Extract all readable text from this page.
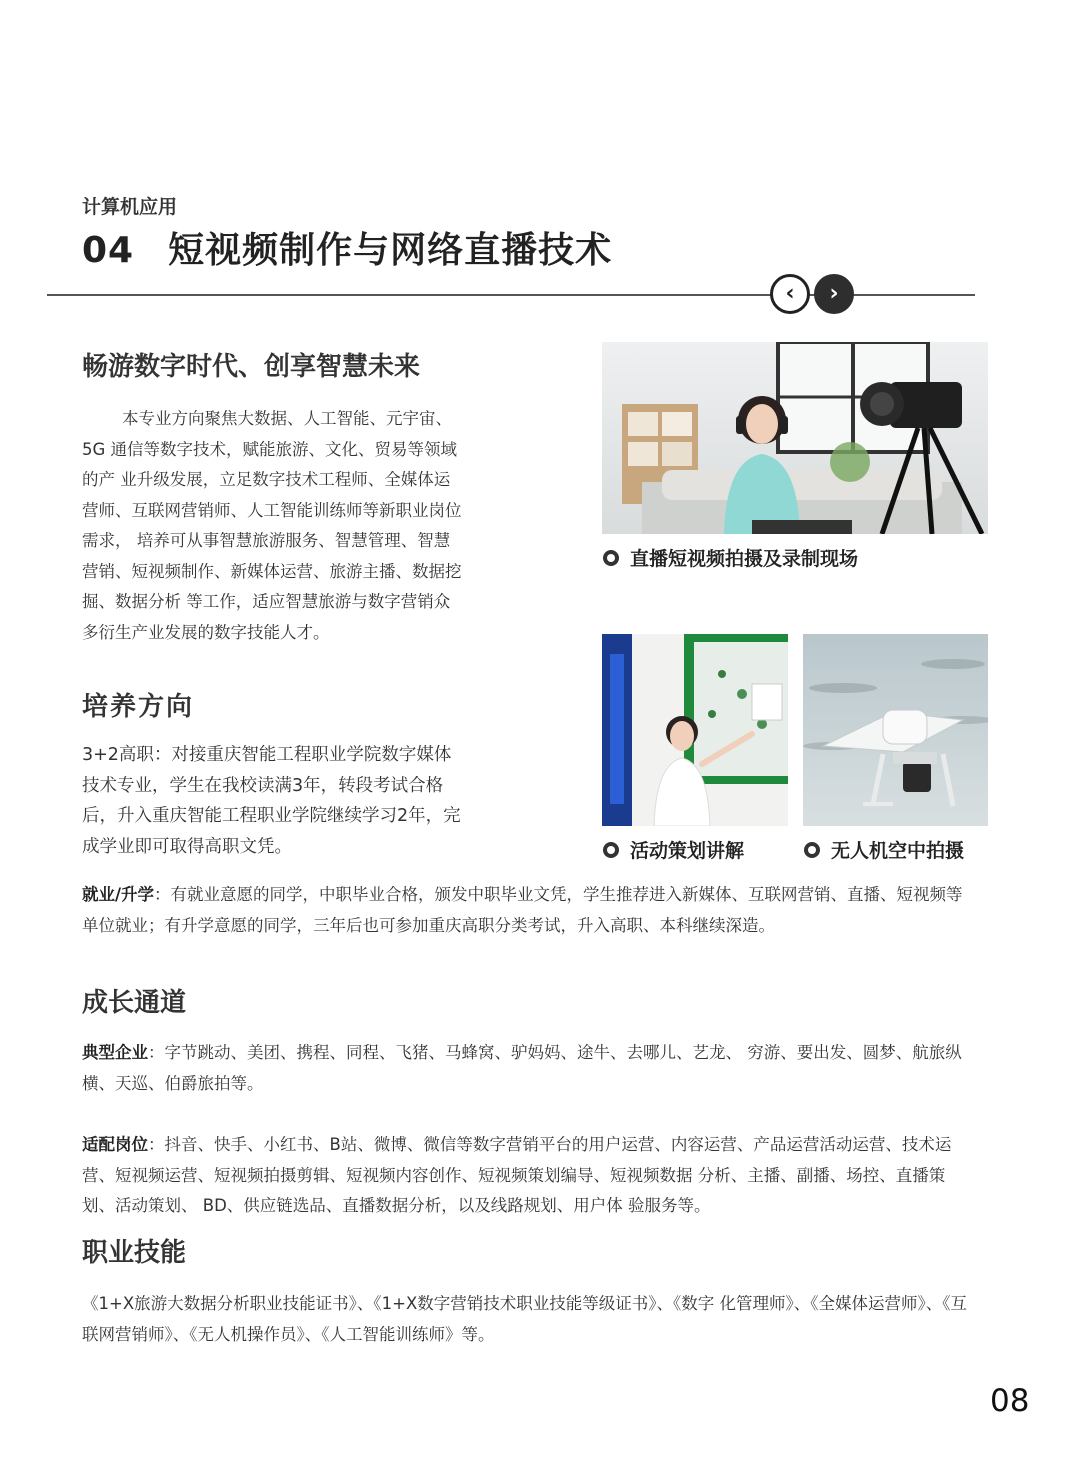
计算机应用
04 短视频制作与网络直播技术
‹ ›
畅游数字时代、创享智慧未来
本专业方向聚焦大数据、人工智能、元宇宙、5G 通信等数字技术，赋能旅游、文化、贸易等领域的产 业升级发展，立足数字技术工程师、全媒体运营师、互联网营销师、人工智能训练师等新职业岗位需求， 培养可从事智慧旅游服务、智慧管理、智慧营销、短视频制作、新媒体运营、旅游主播、数据挖掘、数据分析 等工作，适应智慧旅游与数字营销众多衍生产业发展的数字技能人才。
培养方向
3+2高职：对接重庆智能工程职业学院数字媒体技术专业，学生在我校读满3年，转段考试合格后，升入重庆智能工程职业学院继续学习2年，完成学业即可取得高职文凭。
直播短视频拍摄及录制现场
活动策划讲解	无人机空中拍摄
就业/升学：有就业意愿的同学，中职毕业合格，颁发中职毕业文凭，学生推荐进入新媒体、互联网营销、直播、短视频等单位就业；有升学意愿的同学，三年后也可参加重庆高职分类考试，升入高职、本科继续深造。
成长通道
典型企业：字节跳动、美团、携程、同程、飞猪、马蜂窝、驴妈妈、途牛、去哪儿、艺龙、 穷游、要出发、圆梦、航旅纵横、天巡、伯爵旅拍等。
适配岗位：抖音、快手、小红书、B站、微博、微信等数字营销平台的用户运营、内容运营、产品运营活动运营、技术运营、短视频运营、短视频拍摄剪辑、短视频内容创作、短视频策划编导、短视频数据 分析、主播、副播、场控、直播策划、活动策划、 BD、供应链选品、直播数据分析，以及线路规划、用户体 验服务等。
职业技能
《1+X旅游大数据分析职业技能证书》、《1+X数字营销技术职业技能等级证书》、《数字 化管理师》、《全媒体运营师》、《互联网营销师》、《无人机操作员》、《人工智能训练师》等。
08
